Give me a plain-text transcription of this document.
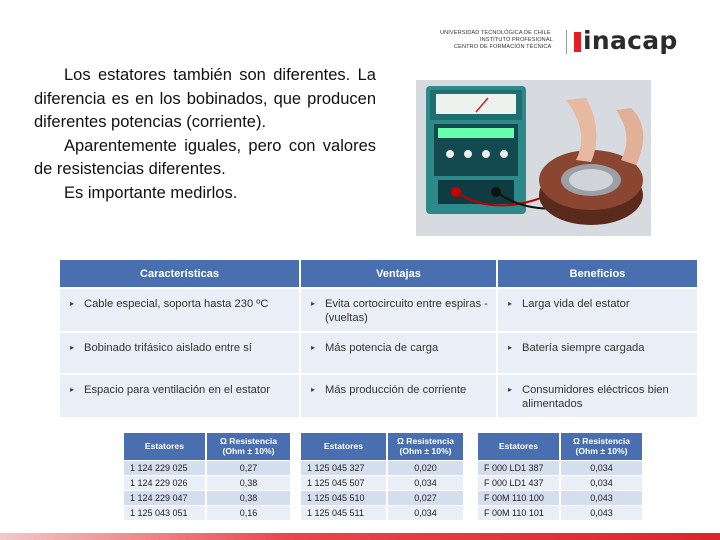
UNIVERSIDAD TECNOLÓGICA DE CHILE
INSTITUTO PROFESIONAL
CENTRO DE FORMACIÓN TÉCNICA	inacap

Los estatores también son diferentes. La diferencia es en los bobinados, que producen diferentes potencias (corriente).

Aparentemente iguales, pero con valores de resistencias diferentes.

Es importante medirlos.

Características	Ventajas	Beneficios
▸ Cable especial, soporta hasta 230 ºC	▸ Evita cortocircuito entre espiras - (vueltas)	▸ Larga vida del estator
▸ Bobinado trifásico aislado entre sí	▸ Más potencia de carga	▸ Batería siempre cargada
▸ Espacio para ventilación en el estator	▸ Más producción de corriente	▸ Consumidores eléctricos bien alimentados
Estatores	Ω Resistencia (Ohm ± 10%)
1 124 229 025	0,27
1 124 229 026	0,38
1 124 229 047	0,38
1 125 043 051	0,16
Estatores	Ω Resistencia (Ohm ± 10%)
1 125 045 327	0,020
1 125 045 507	0,034
1 125 045 510	0,027
1 125 045 511	0,034
Estatores	Ω Resistencia (Ohm ± 10%)
F 000 LD1 387	0,034
F 000 LD1 437	0,034
F 00M 110 100	0,043
F 00M 110 101	0,043
